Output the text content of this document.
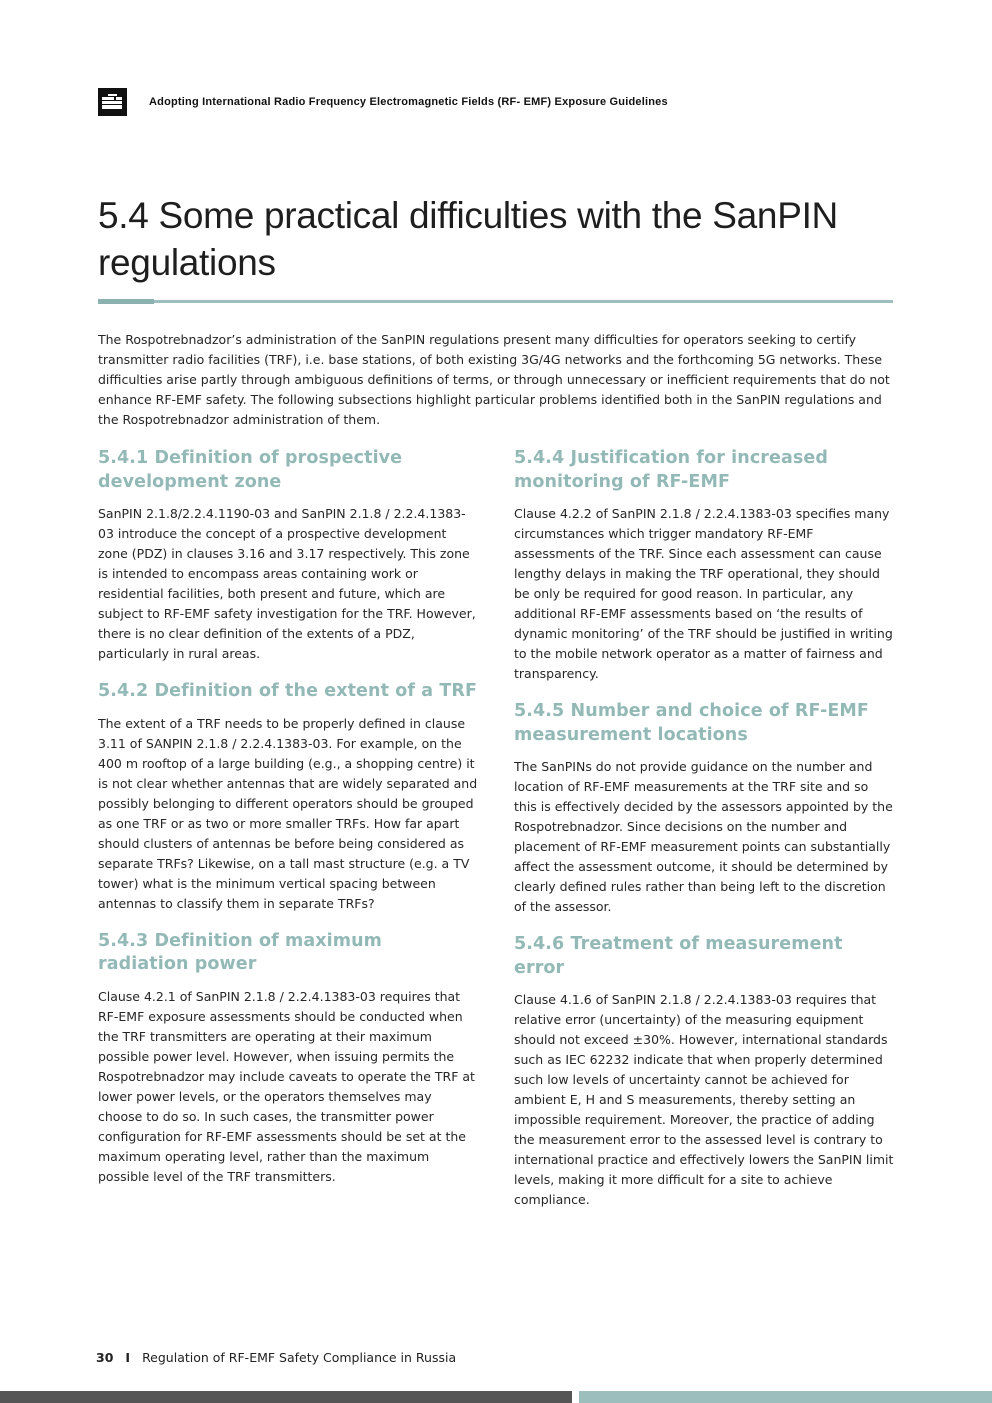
Adopting International Radio Frequency Electromagnetic Fields (RF- EMF) Exposure Guidelines
5.4 Some practical difficulties with the SanPIN regulations

The Rospotrebnadzor’s administration of the SanPIN regulations present many difficulties for operators seeking to certify transmitter radio facilities (TRF), i.e. base stations, of both existing 3G/4G networks and the forthcoming 5G networks. These difficulties arise partly through ambiguous definitions of terms, or through unnecessary or inefficient requirements that do not enhance RF-EMF safety. The following subsections highlight particular problems identified both in the SanPIN regulations and the Rospotrebnadzor administration of them.

5.4.1 Definition of prospective development zone

SanPIN 2.1.8/2.2.4.1190-03 and SanPIN 2.1.8 / 2.2.4.1383-03 introduce the concept of a prospective development zone (PDZ) in clauses 3.16 and 3.17 respectively. This zone is intended to encompass areas containing work or residential facilities, both present and future, which are subject to RF-EMF safety investigation for the TRF. However, there is no clear definition of the extents of a PDZ, particularly in rural areas.

5.4.2 Definition of the extent of a TRF

The extent of a TRF needs to be properly defined in clause 3.11 of SANPIN 2.1.8 / 2.2.4.1383-03. For example, on the 400 m rooftop of a large building (e.g., a shopping centre) it is not clear whether antennas that are widely separated and possibly belonging to different operators should be grouped as one TRF or as two or more smaller TRFs. How far apart should clusters of antennas be before being considered as separate TRFs? Likewise, on a tall mast structure (e.g. a TV tower) what is the minimum vertical spacing between antennas to classify them in separate TRFs?

5.4.3 Definition of maximum radiation power

Clause 4.2.1 of SanPIN 2.1.8 / 2.2.4.1383-03 requires that RF-EMF exposure assessments should be conducted when the TRF transmitters are operating at their maximum possible power level. However, when issuing permits the Rospotrebnadzor may include caveats to operate the TRF at lower power levels, or the operators themselves may choose to do so. In such cases, the transmitter power configuration for RF-EMF assessments should be set at the maximum operating level, rather than the maximum possible level of the TRF transmitters.

5.4.4 Justification for increased monitoring of RF-EMF

Clause 4.2.2 of SanPIN 2.1.8 / 2.2.4.1383-03 specifies many circumstances which trigger mandatory RF-EMF assessments of the TRF. Since each assessment can cause lengthy delays in making the TRF operational, they should be only be required for good reason. In particular, any additional RF-EMF assessments based on ‘the results of dynamic monitoring’ of the TRF should be justified in writing to the mobile network operator as a matter of fairness and transparency.

5.4.5 Number and choice of RF-EMF measurement locations

The SanPINs do not provide guidance on the number and location of RF-EMF measurements at the TRF site and so this is effectively decided by the assessors appointed by the Rospotrebnadzor. Since decisions on the number and placement of RF-EMF measurement points can substantially affect the assessment outcome, it should be determined by clearly defined rules rather than being left to the discretion of the assessor.

5.4.6 Treatment of measurement error

Clause 4.1.6 of SanPIN 2.1.8 / 2.2.4.1383-03 requires that relative error (uncertainty) of the measuring equipment should not exceed ±30%. However, international standards such as IEC 62232 indicate that when properly determined such low levels of uncertainty cannot be achieved for ambient E, H and S measurements, thereby setting an impossible requirement. Moreover, the practice of adding the measurement error to the assessed level is contrary to international practice and effectively lowers the SanPIN limit levels, making it more difficult for a site to achieve compliance.

30 I Regulation of RF-EMF Safety Compliance in Russia
